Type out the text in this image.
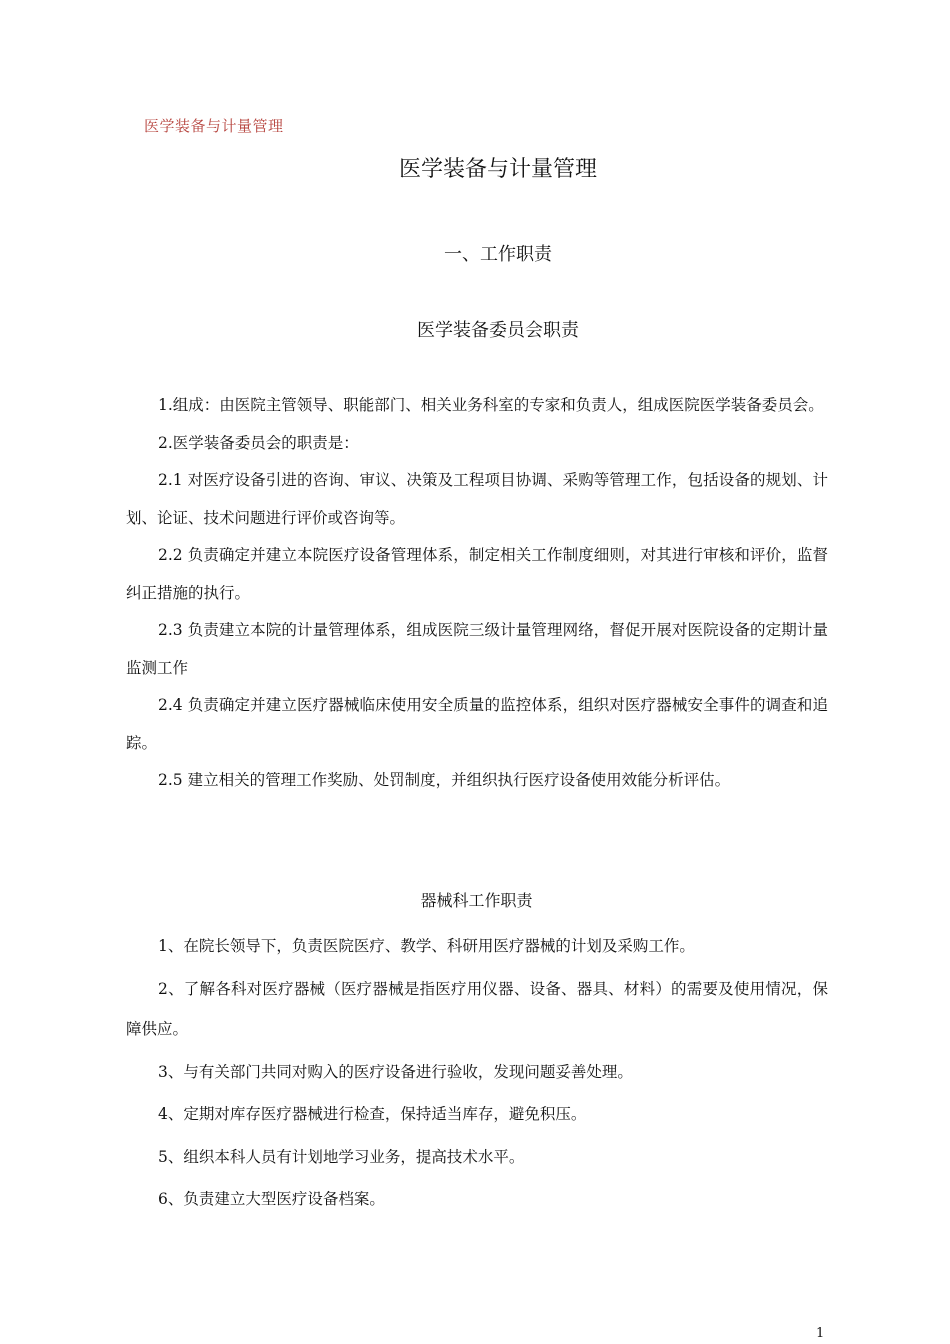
医学装备与计量管理
医学装备与计量管理
一、工作职责
医学装备委员会职责

1.组成：由医院主管领导、职能部门、相关业务科室的专家和负责人，组成医院医学装备委员会。

2.医学装备委员会的职责是：

2.1 对医疗设备引进的咨询、审议、决策及工程项目协调、采购等管理工作，包括设备的规划、计划、论证、技术问题进行评价或咨询等。

2.2 负责确定并建立本院医疗设备管理体系，制定相关工作制度细则，对其进行审核和评价，监督纠正措施的执行。

2.3 负责建立本院的计量管理体系，组成医院三级计量管理网络，督促开展对医院设备的定期计量监测工作

2.4 负责确定并建立医疗器械临床使用安全质量的监控体系，组织对医疗器械安全事件的调查和追踪。

2.5 建立相关的管理工作奖励、处罚制度，并组织执行医疗设备使用效能分析评估。

器械科工作职责

1、在院长领导下，负责医院医疗、教学、科研用医疗器械的计划及采购工作。

2、了解各科对医疗器械（医疗器械是指医疗用仪器、设备、器具、材料）的需要及使用情况，保障供应。

3、与有关部门共同对购入的医疗设备进行验收，发现问题妥善处理。

4、定期对库存医疗器械进行检查，保持适当库存，避免积压。

5、组织本科人员有计划地学习业务，提高技术水平。

6、负责建立大型医疗设备档案。

1
